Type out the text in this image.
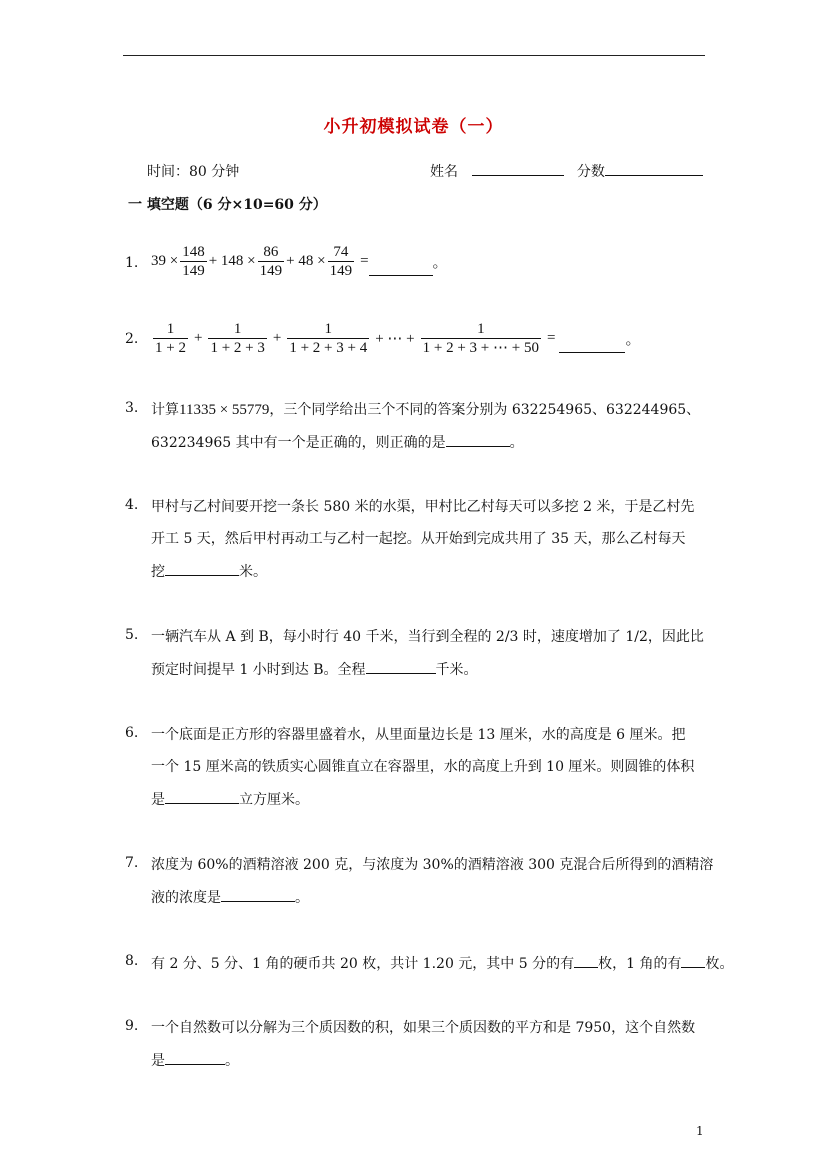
小升初模拟试卷（一）
时间：80 分钟	姓名	分数
一 填空题（6 分×10=60 分）
1. $39 \times \frac{148}{149} + 148 \times \frac{86}{149} + 48 \times \frac{74}{149}$ =	。
2. $\frac{1}{1 + 2} + \frac{1}{1 + 2 + 3} + \frac{1}{1 + 2 + 3 + 4}$ + ⋯ + $\frac{1}{1 + 2 + 3 + \cdots + 50}$ =	。
3. 计算11335 × 55779，三个同学给出三个不同的答案分别为 632254965、632244965、
632234965 其中有一个是正确的，则正确的是	。
4. 甲村与乙村间要开挖一条长 580 米的水渠，甲村比乙村每天可以多挖 2 米，于是乙村先
开工 5 天，然后甲村再动工与乙村一起挖。从开始到完成共用了 35 天，那么乙村每天
挖	米。
5. 一辆汽车从 A 到 B，每小时行 40 千米，当行到全程的 2/3 时，速度增加了 1/2，因此比
预定时间提早 1 小时到达 B。全程	千米。
6. 一个底面是正方形的容器里盛着水，从里面量边长是 13 厘米，水的高度是 6 厘米。把
一个 15 厘米高的铁质实心圆锥直立在容器里，水的高度上升到 10 厘米。则圆锥的体积
是	立方厘米。
7. 浓度为 60%的酒精溶液 200 克，与浓度为 30%的酒精溶液 300 克混合后所得到的酒精溶
液的浓度是	。
8. 有 2 分、5 分、1 角的硬币共 20 枚，共计 1.20 元，其中 5 分的有 枚，1 角的有 枚。
9. 一个自然数可以分解为三个质因数的积，如果三个质因数的平方和是 7950，这个自然数
是	。
1
